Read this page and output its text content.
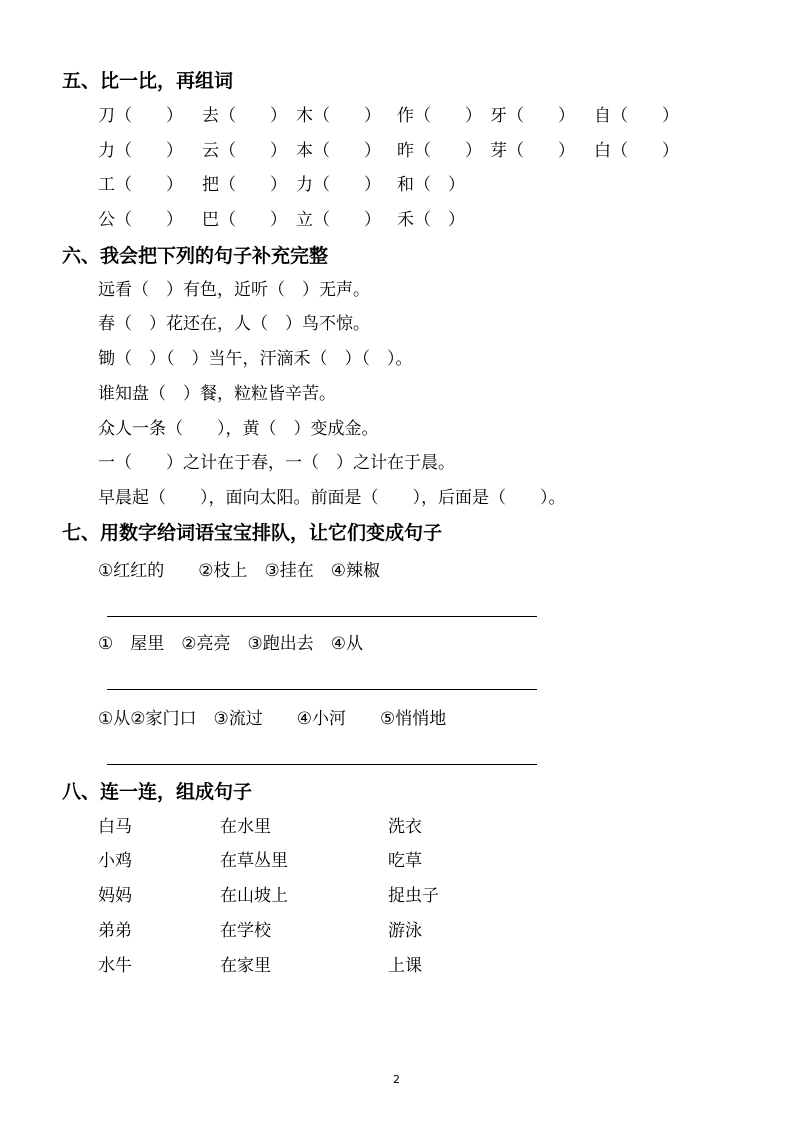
五、比一比，再组词
刀（　　） 去（　　） 木（　　） 作（　　） 牙（　　） 自（　　）
力（　　） 云（　　） 本（　　） 昨（　　） 芽（　　） 白（　　）
工（　　） 把（　　） 力（　　） 和（　）
公（　　） 巴（　　） 立（　　） 禾（　）
六、我会把下列的句子补充完整
远看（　）有色，近听（　）无声。
春（　）花还在，人（　）鸟不惊。
锄（　）（　）当午，汗滴禾（　）（　）。
谁知盘（　）餐，粒粒皆辛苦。
众人一条（　　），黄（　）变成金。
一（　　）之计在于春，一（　）之计在于晨。
早晨起（　　），面向太阳。前面是（　　），后面是（　　）。
七、用数字给词语宝宝排队，让它们变成句子
①红红的　　②枝上　③挂在　④辣椒
①　屋里　②亮亮　③跑出去　④从
①从②家门口　③流过　　④小河　　⑤悄悄地
八、连一连，组成句子
白马
小鸡
妈妈
弟弟
水牛
在水里
在草丛里
在山坡上
在学校
在家里
洗衣
吃草
捉虫子
游泳
上课
2
